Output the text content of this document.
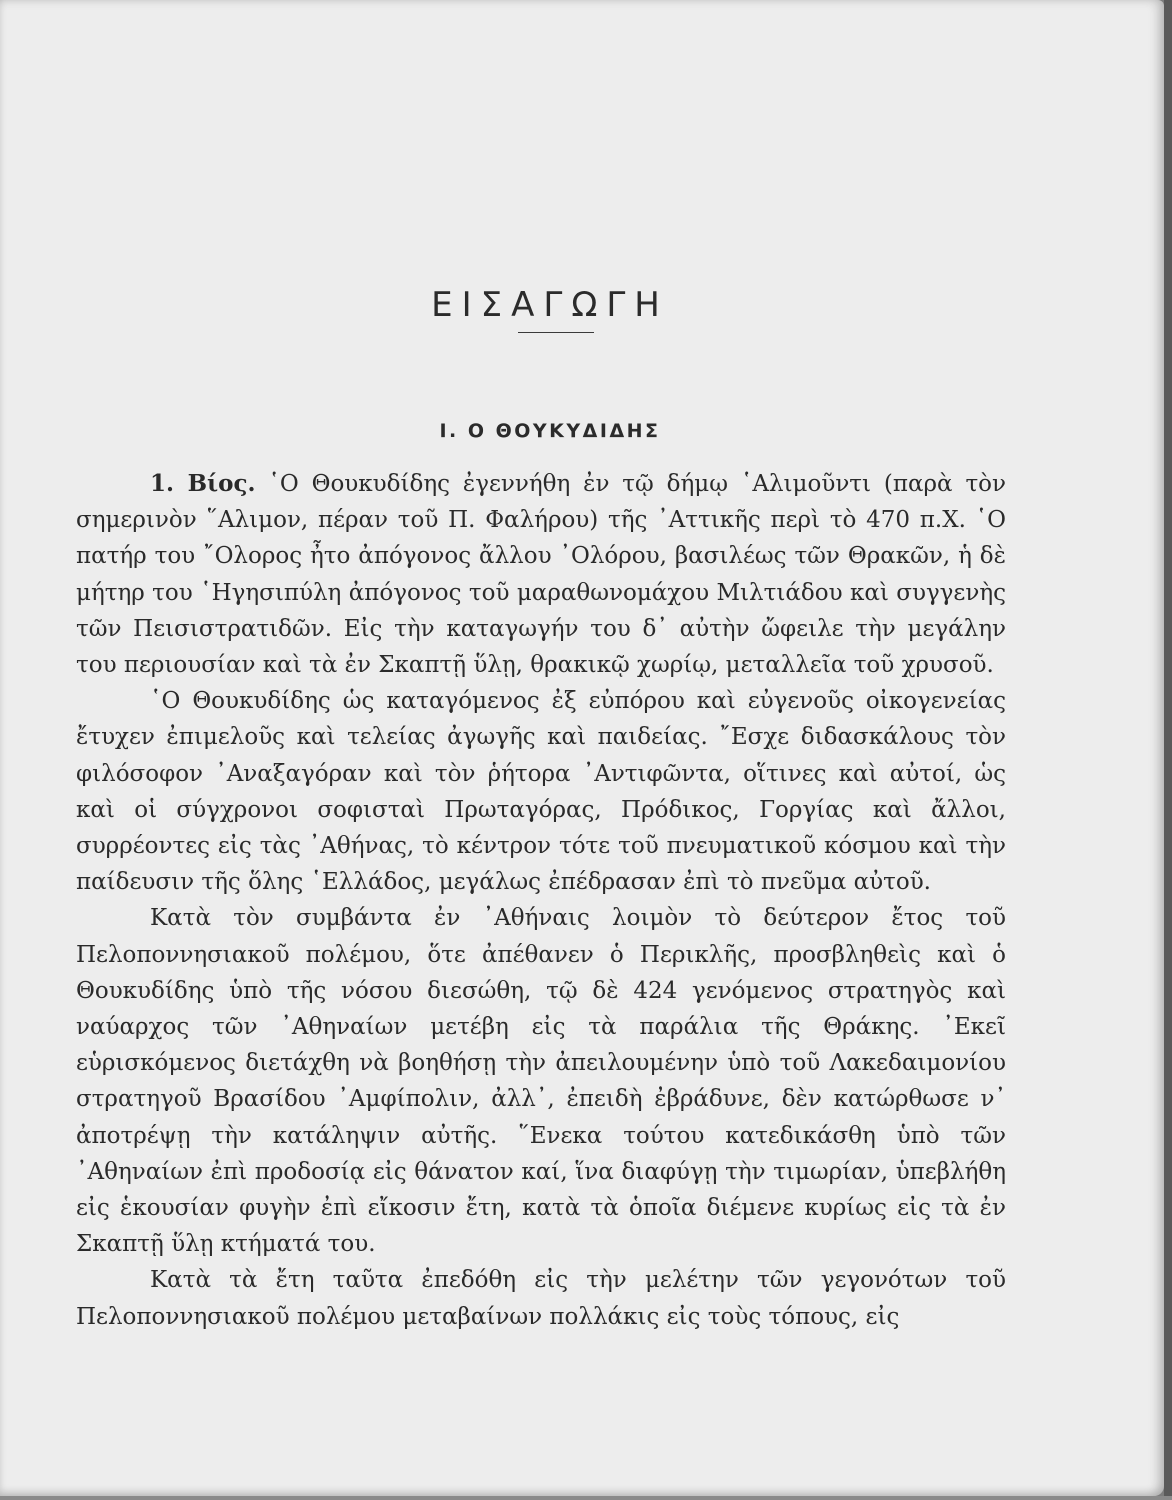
ΕΙΣΑΓΩΓΗ
Ι. Ο ΘΟΥΚΥΔΙΔΗΣ

1. Βίος. ῾Ο Θουκυδίδης ἐγεννήθη ἐν τῷ δήμῳ ῾Αλιμοῦντι (παρὰ τὸν σημερινὸν ῞Αλιμον, πέραν τοῦ Π. Φαλήρου) τῆς ᾿Αττικῆς περὶ τὸ 470 π.Χ. ῾Ο πατήρ του ῎Ολορος ἦτο ἀπόγονος ἄλλου ᾿Ολόρου, βασιλέως τῶν Θρακῶν, ἡ δὲ μήτηρ του ῾Ηγησιπύλη ἀπόγονος τοῦ μαραθωνομάχου Μιλτιάδου καὶ συγγενὴς τῶν Πεισιστρατιδῶν. Εἰς τὴν καταγωγήν του δ᾿ αὐτὴν ὤφειλε τὴν μεγάλην του περιουσίαν καὶ τὰ ἐν Σκαπτῇ ὕλῃ, θρακικῷ χωρίῳ, μεταλλεῖα τοῦ χρυσοῦ.

῾Ο Θουκυδίδης ὡς καταγόμενος ἐξ εὐπόρου καὶ εὐγενοῦς οἰκογενείας ἔτυχεν ἐπιμελοῦς καὶ τελείας ἀγωγῆς καὶ παιδείας. ῎Εσχε διδασκάλους τὸν φιλόσοφον ᾿Αναξαγόραν καὶ τὸν ῥήτορα ᾿Αντιφῶντα, οἵτινες καὶ αὐτοί, ὡς καὶ οἱ σύγχρονοι σοφισταὶ Πρωταγόρας, Πρόδικος, Γοργίας καὶ ἄλλοι, συρρέοντες εἰς τὰς ᾿Αθήνας, τὸ κέντρον τότε τοῦ πνευματικοῦ κόσμου καὶ τὴν παίδευσιν τῆς ὅλης ῾Ελλάδος, μεγάλως ἐπέδρασαν ἐπὶ τὸ πνεῦμα αὐτοῦ.

Κατὰ τὸν συμβάντα ἐν ᾿Αθήναις λοιμὸν τὸ δεύτερον ἔτος τοῦ Πελοποννησιακοῦ πολέμου, ὅτε ἀπέθανεν ὁ Περικλῆς, προσβληθεὶς καὶ ὁ Θουκυδίδης ὑπὸ τῆς νόσου διεσώθη, τῷ δὲ 424 γενόμενος στρατηγὸς καὶ ναύαρχος τῶν ᾿Αθηναίων μετέβη εἰς τὰ παράλια τῆς Θράκης. ᾿Εκεῖ εὑρισκόμενος διετάχθη νὰ βοηθήσῃ τὴν ἀπειλουμένην ὑπὸ τοῦ Λακεδαιμονίου στρατηγοῦ Βρασίδου ᾿Αμφίπολιν, ἀλλ᾿, ἐπειδὴ ἐβράδυνε, δὲν κατώρθωσε ν᾿ ἀποτρέψῃ τὴν κατάληψιν αὐτῆς. ῞Ενεκα τούτου κατεδικάσθη ὑπὸ τῶν ᾿Αθηναίων ἐπὶ προδοσίᾳ εἰς θάνατον καί, ἵνα διαφύγῃ τὴν τιμωρίαν, ὑπεβλήθη εἰς ἑκουσίαν φυγὴν ἐπὶ εἴκοσιν ἔτη, κατὰ τὰ ὁποῖα διέμενε κυρίως εἰς τὰ ἐν Σκαπτῇ ὕλῃ κτήματά του.

Κατὰ τὰ ἔτη ταῦτα ἐπεδόθη εἰς τὴν μελέτην τῶν γεγονότων τοῦ Πελοποννησιακοῦ πολέμου μεταβαίνων πολλάκις εἰς τοὺς τόπους, εἰς
